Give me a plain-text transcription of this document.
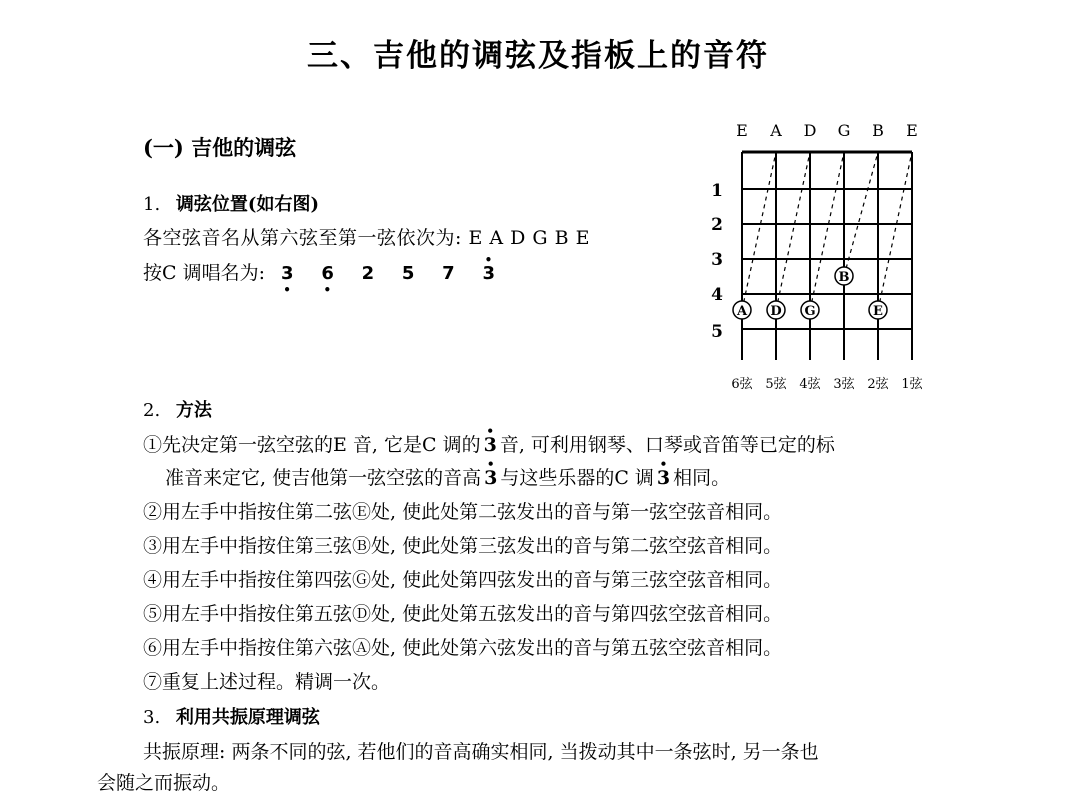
三、吉他的调弦及指板上的音符
(一) 吉他的调弦
1. 调弦位置(如右图)
各空弦音名从第六弦至第一弦依次为: E A D G B E
按C 调唱名为: 3
•
6
•
2 5 7 3
•
2. 方法
①先决定第一弦空弦的E 音, 它是C 调的 3
•
音, 可利用钢琴、口琴或音笛等已定的标
准音来定它, 使吉他第一弦空弦的音高 3
•
与这些乐器的C 调 3
•
相同。
②用左手中指按住第二弦Ⓔ处, 使此处第二弦发出的音与第一弦空弦音相同。
③用左手中指按住第三弦Ⓑ处, 使此处第三弦发出的音与第二弦空弦音相同。
④用左手中指按住第四弦Ⓖ处, 使此处第四弦发出的音与第三弦空弦音相同。
⑤用左手中指按住第五弦Ⓓ处, 使此处第五弦发出的音与第四弦空弦音相同。
⑥用左手中指按住第六弦Ⓐ处, 使此处第六弦发出的音与第五弦空弦音相同。
⑦重复上述过程。精调一次。
3. 利用共振原理调弦
共振原理: 两条不同的弦, 若他们的音高确实相同, 当拨动其中一条弦时, 另一条也
会随之而振动。
E A D G B E
1
2
3
4
5
A D G
B
E
6弦 5弦 4弦 3弦 2弦 1弦
